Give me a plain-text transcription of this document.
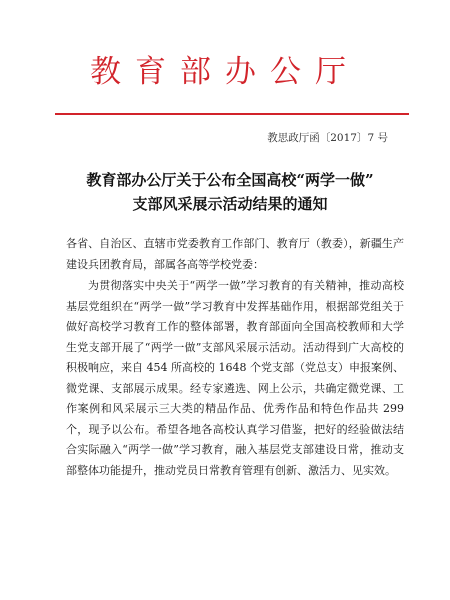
教育部办公厅
教思政厅函〔2017〕7 号
教育部办公厅关于公布全国高校“两学一做”
支部风采展示活动结果的通知

各省、自治区、直辖市党委教育工作部门、教育厅（教委），新疆生产建设兵团教育局，部属各高等学校党委：

为贯彻落实中央关于“两学一做”学习教育的有关精神，推动高校基层党组织在“两学一做”学习教育中发挥基础作用，根据部党组关于做好高校学习教育工作的整体部署，教育部面向全国高校教师和大学生党支部开展了“两学一做”支部风采展示活动。活动得到广大高校的积极响应，来自 454 所高校的 1648 个党支部（党总支）申报案例、微党课、支部展示成果。经专家遴选、网上公示，共确定微党课、工作案例和风采展示三大类的精品作品、优秀作品和特色作品共 299 个，现予以公布。希望各地各高校认真学习借鉴，把好的经验做法结合实际融入“两学一做”学习教育，融入基层党支部建设日常，推动支部整体功能提升，推动党员日常教育管理有创新、激活力、见实效。
